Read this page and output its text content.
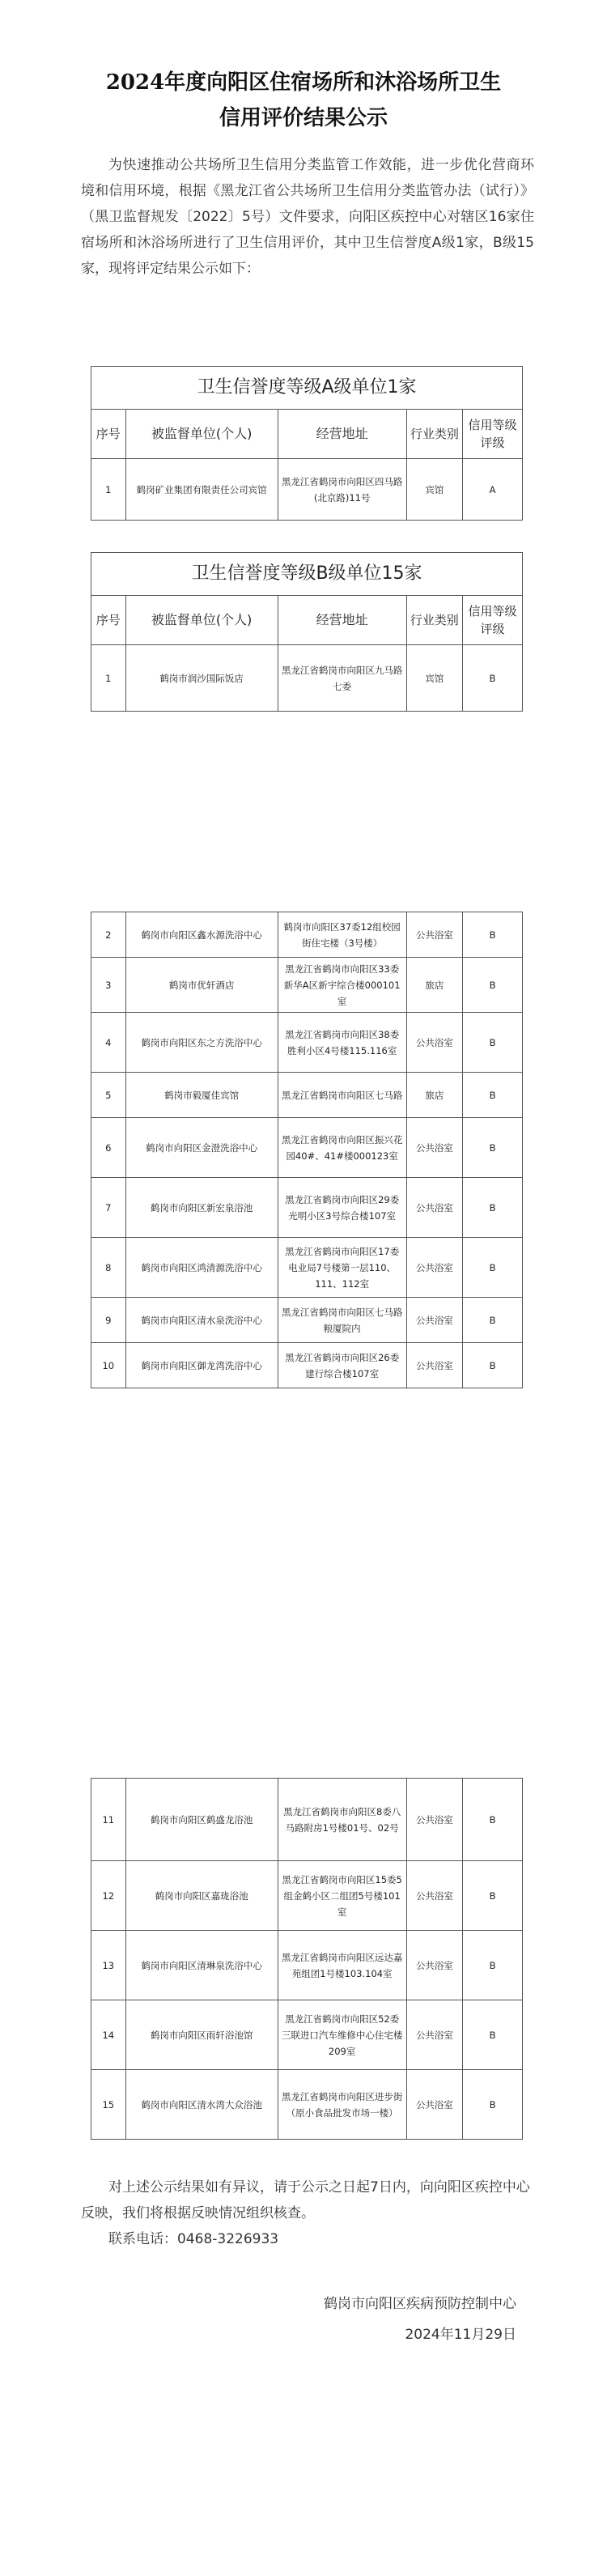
2024年度向阳区住宿场所和沐浴场所卫生
信用评价结果公示

为快速推动公共场所卫生信用分类监管工作效能，进一步优化营商环境和信用环境，根据《黑龙江省公共场所卫生信用分类监管办法（试行）》（黑卫监督规发〔2022〕5号）文件要求，向阳区疾控中心对辖区16家住宿场所和沐浴场所进行了卫生信用评价，其中卫生信誉度A级1家，B级15家，现将评定结果公示如下：

卫生信誉度等级A级单位1家				
序号	被监督单位(个人)	经营地址	行业类别	信用等级评级
1	鹤岗矿业集团有限责任公司宾馆	黑龙江省鹤岗市向阳区四马路(北京路)11号	宾馆	A
卫生信誉度等级B级单位15家				
序号	被监督单位(个人)	经营地址	行业类别	信用等级评级
1	鹤岗市润沙国际饭店	黑龙江省鹤岗市向阳区九马路七委	宾馆	B
2	鹤岗市向阳区鑫水源洗浴中心	鹤岗市向阳区37委12组校园街住宅楼（3号楼）	公共浴室	B
3	鹤岗市优轩酒店	黑龙江省鹤岗市向阳区33委新华A区新宇综合楼000101室	旅店	B
4	鹤岗市向阳区东之方洗浴中心	黑龙江省鹤岗市向阳区38委胜利小区4号楼115.116室	公共浴室	B
5	鹤岗市毅厦佳宾馆	黑龙江省鹤岗市向阳区七马路	旅店	B
6	鹤岗市向阳区金澄洗浴中心	黑龙江省鹤岗市向阳区振兴花园40#、41#楼000123室	公共浴室	B
7	鹤岗市向阳区新宏泉浴池	黑龙江省鹤岗市向阳区29委光明小区3号综合楼107室	公共浴室	B
8	鹤岗市向阳区鸿清源洗浴中心	黑龙江省鹤岗市向阳区17委电业局7号楼第一层110、111、112室	公共浴室	B
9	鹤岗市向阳区清水泉洗浴中心	黑龙江省鹤岗市向阳区七马路粮厦院内	公共浴室	B
10	鹤岗市向阳区御龙湾洗浴中心	黑龙江省鹤岗市向阳区26委建行综合楼107室	公共浴室	B
11	鹤岗市向阳区鹤盛龙浴池	黑龙江省鹤岗市向阳区8委八马路附房1号楼01号、02号	公共浴室	B
12	鹤岗市向阳区嘉珑浴池	黑龙江省鹤岗市向阳区15委5组金鹤小区二组团5号楼101室	公共浴室	B
13	鹤岗市向阳区清琳泉洗浴中心	黑龙江省鹤岗市向阳区远达嘉苑组团1号楼103.104室	公共浴室	B
14	鹤岗市向阳区雨轩浴池馆	黑龙江省鹤岗市向阳区52委三联进口汽车维修中心住宅楼209室	公共浴室	B
15	鹤岗市向阳区清水湾大众浴池	黑龙江省鹤岗市向阳区进步街（原小食品批发市场一楼）	公共浴室	B

对上述公示结果如有异议，请于公示之日起7日内，向向阳区疾控中心反映，我们将根据反映情况组织核查。

联系电话：0468-3226933

鹤岗市向阳区疾病预防控制中心
2024年11月29日
